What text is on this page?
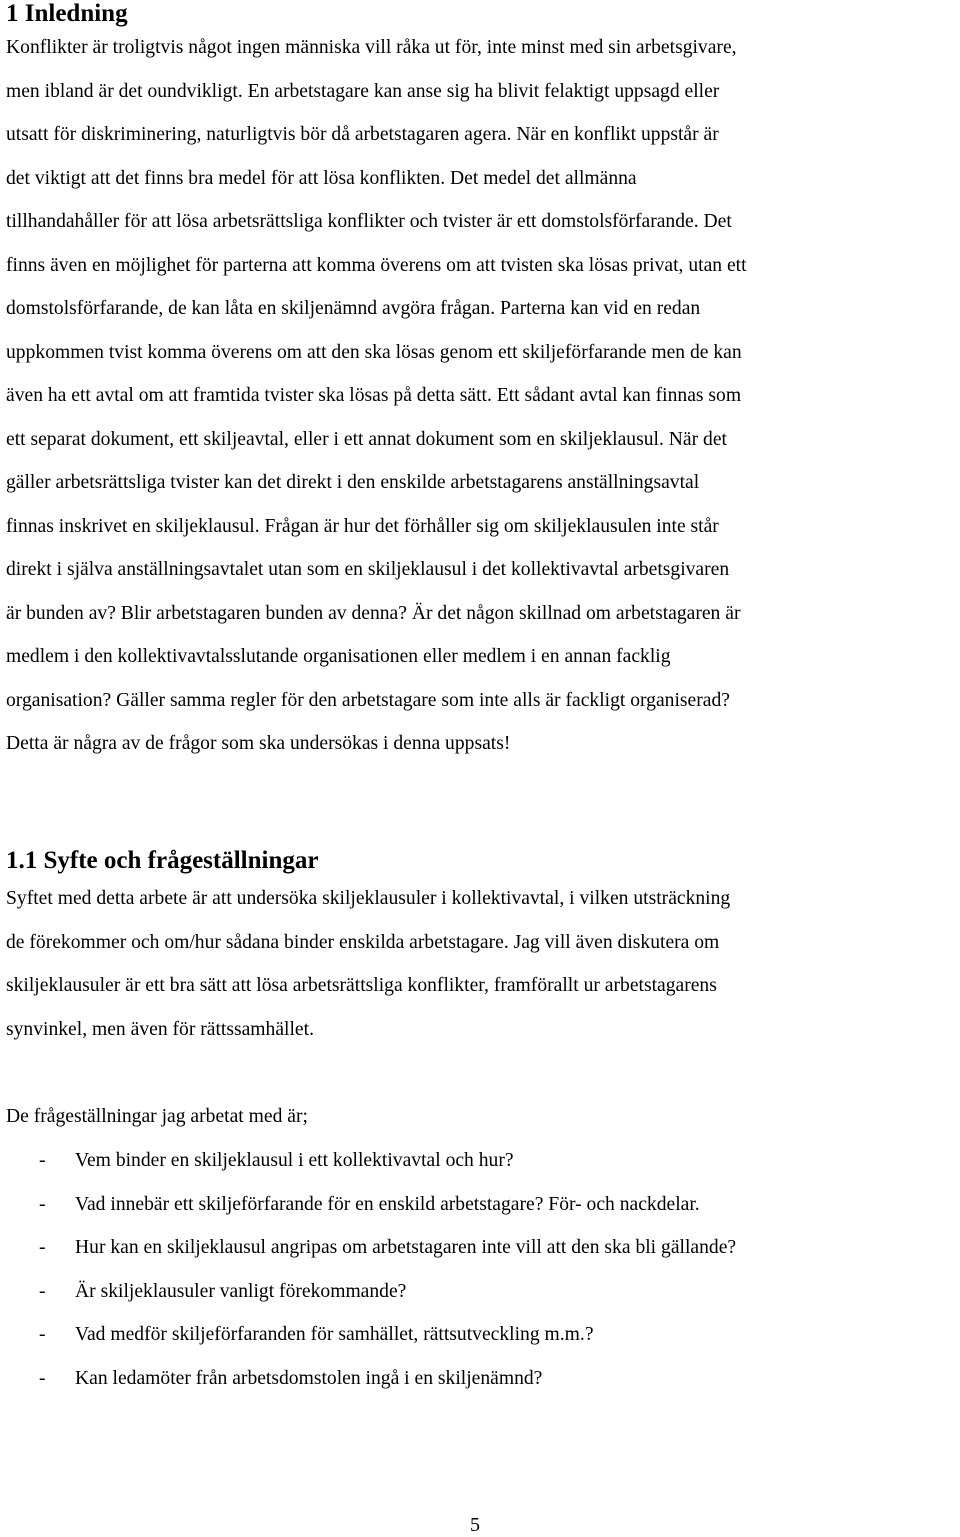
1 Inledning
Konflikter är troligtvis något ingen människa vill råka ut för, inte minst med sin arbetsgivare,
men ibland är det oundvikligt. En arbetstagare kan anse sig ha blivit felaktigt uppsagd eller
utsatt för diskriminering, naturligtvis bör då arbetstagaren agera. När en konflikt uppstår är
det viktigt att det finns bra medel för att lösa konflikten. Det medel det allmänna
tillhandahåller för att lösa arbetsrättsliga konflikter och tvister är ett domstolsförfarande. Det
finns även en möjlighet för parterna att komma överens om att tvisten ska lösas privat, utan ett
domstolsförfarande, de kan låta en skiljenämnd avgöra frågan. Parterna kan vid en redan
uppkommen tvist komma överens om att den ska lösas genom ett skiljeförfarande men de kan
även ha ett avtal om att framtida tvister ska lösas på detta sätt. Ett sådant avtal kan finnas som
ett separat dokument, ett skiljeavtal, eller i ett annat dokument som en skiljeklausul. När det
gäller arbetsrättsliga tvister kan det direkt i den enskilde arbetstagarens anställningsavtal
finnas inskrivet en skiljeklausul. Frågan är hur det förhåller sig om skiljeklausulen inte står
direkt i själva anställningsavtalet utan som en skiljeklausul i det kollektivavtal arbetsgivaren
är bunden av? Blir arbetstagaren bunden av denna? Är det någon skillnad om arbetstagaren är
medlem i den kollektivavtalsslutande organisationen eller medlem i en annan facklig
organisation? Gäller samma regler för den arbetstagare som inte alls är fackligt organiserad?
Detta är några av de frågor som ska undersökas i denna uppsats!
1.1 Syfte och frågeställningar
Syftet med detta arbete är att undersöka skiljeklausuler i kollektivavtal, i vilken utsträckning
de förekommer och om/hur sådana binder enskilda arbetstagare. Jag vill även diskutera om
skiljeklausuler är ett bra sätt att lösa arbetsrättsliga konflikter, framförallt ur arbetstagarens
synvinkel, men även för rättssamhället.
De frågeställningar jag arbetat med är;
- Vem binder en skiljeklausul i ett kollektivavtal och hur?
- Vad innebär ett skiljeförfarande för en enskild arbetstagare? För- och nackdelar.
- Hur kan en skiljeklausul angripas om arbetstagaren inte vill att den ska bli gällande?
- Är skiljeklausuler vanligt förekommande?
- Vad medför skiljeförfaranden för samhället, rättsutveckling m.m.?
- Kan ledamöter från arbetsdomstolen ingå i en skiljenämnd?
5
